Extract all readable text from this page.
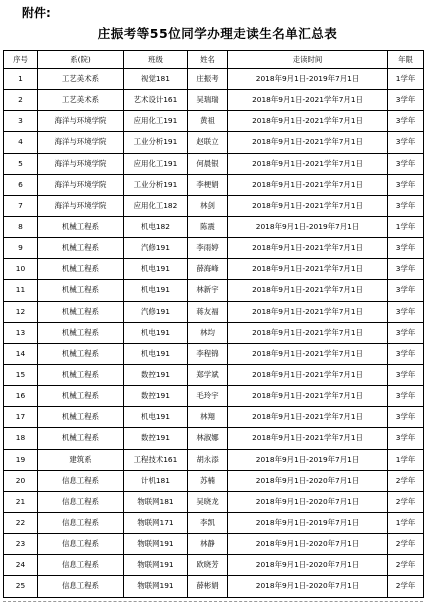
附件:
庄振考等55位同学办理走读生名单汇总表
序号	系(院)	班级	姓名	走读时间	年限
1	工艺美术系	视觉181	庄振考	2018年9月1日-2019年7月1日	1学年
2	工艺美术系	艺术设计161	吴瑞瑞	2018年9月1日-2021学年7月1日	3学年
3	海洋与环境学院	应用化工191	黄祖	2018年9月1日-2021学年7月1日	3学年
4	海洋与环境学院	工业分析191	赵联立	2018年9月1日-2021学年7月1日	3学年
5	海洋与环境学院	应用化工191	何晨银	2018年9月1日-2021学年7月1日	3学年
6	海洋与环境学院	工业分析191	李梗娟	2018年9月1日-2021学年7月1日	3学年
7	海洋与环境学院	应用化工182	林剑	2018年9月1日-2021学年7月1日	3学年
8	机械工程系	机电182	陈震	2018年9月1日-2019年7月1日	1学年
9	机械工程系	汽修191	李雨婷	2018年9月1日-2021学年7月1日	3学年
10	机械工程系	机电191	薛海峰	2018年9月1日-2021学年7月1日	3学年
11	机械工程系	机电191	林新宇	2018年9月1日-2021学年7月1日	3学年
12	机械工程系	汽修191	蒋友福	2018年9月1日-2021学年7月1日	3学年
13	机械工程系	机电191	林均	2018年9月1日-2021学年7月1日	3学年
14	机械工程系	机电191	李程锦	2018年9月1日-2021学年7月1日	3学年
15	机械工程系	数控191	郑学斌	2018年9月1日-2021学年7月1日	3学年
16	机械工程系	数控191	毛玲宇	2018年9月1日-2021学年7月1日	3学年
17	机械工程系	机电191	林翔	2018年9月1日-2021学年7月1日	3学年
18	机械工程系	数控191	林淑娜	2018年9月1日-2021学年7月1日	3学年
19	建筑系	工程技术161	胡永添	2018年9月1日-2019年7月1日	1学年
20	信息工程系	计机181	苏楠	2018年9月1日-2020年7月1日	2学年
21	信息工程系	物联网181	吴晓龙	2018年9月1日-2020年7月1日	2学年
22	信息工程系	物联网171	李凯	2018年9月1日-2019年7月1日	1学年
23	信息工程系	物联网191	林静	2018年9月1日-2020年7月1日	2学年
24	信息工程系	物联网191	欧晓芳	2018年9月1日-2020年7月1日	2学年
25	信息工程系	物联网191	薛彬娟	2018年9月1日-2020年7月1日	2学年
